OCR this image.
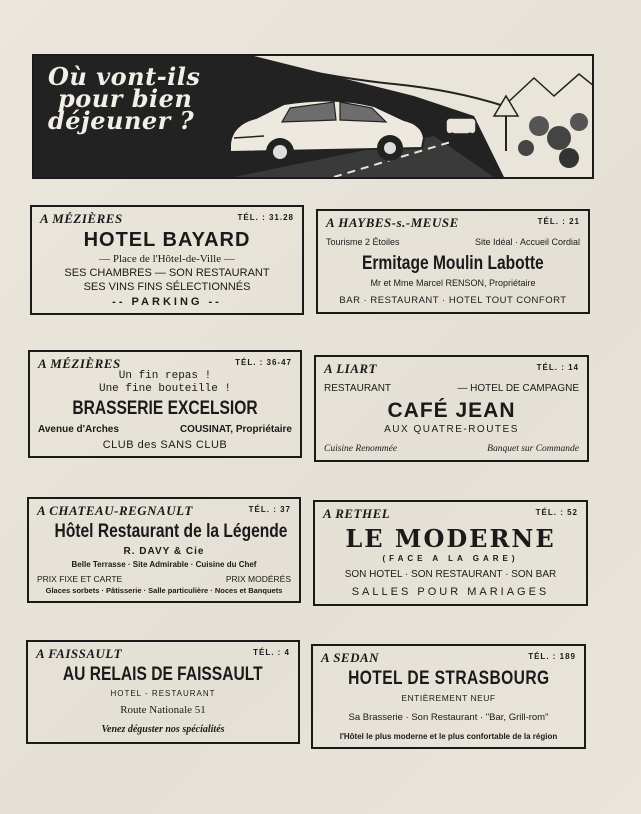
Où vont-ils
pour bien
déjeuner ?
A MÉZIÈRES	TÉL. : 31.28
HOTEL BAYARD
— Place de l'Hôtel-de-Ville —
SES CHAMBRES — SON RESTAURANT
SES VINS FINS SÉLECTIONNÉS
-- PARKING --
A HAYBES-s.-MEUSE	TÉL. : 21
Tourisme 2 Étoiles	Site Idéal · Accueil Cordial
Ermitage Moulin Labotte
Mr et Mme Marcel RENSON, Propriétaire
BAR · RESTAURANT · HOTEL TOUT CONFORT
A MÉZIÈRES	TÉL. : 36-47
Un fin repas !
Une fine bouteille !
BRASSERIE EXCELSIOR
Avenue d'Arches	COUSINAT, Propriétaire
CLUB des SANS CLUB
A LIART	TÉL. : 14
RESTAURANT	— HOTEL DE CAMPAGNE
CAFÉ JEAN
AUX QUATRE-ROUTES
Cuisine Renommée	Banquet sur Commande
A CHATEAU-REGNAULT	TÉL. : 37
Hôtel Restaurant de la Légende
R. DAVY & Cie
Belle Terrasse · Site Admirable · Cuisine du Chef
PRIX FIXE ET CARTE	PRIX MODÉRÉS
Glaces sorbets · Pâtisserie · Salle particulière · Noces et Banquets
A RETHEL	TÉL. : 52
LE MODERNE
(FACE A LA GARE)
SON HOTEL · SON RESTAURANT · SON BAR
SALLES POUR MARIAGES
A FAISSAULT	TÉL. : 4
AU RELAIS DE FAISSAULT
HOTEL - RESTAURANT
Route Nationale 51
Venez déguster nos spécialités
A SEDAN	TÉL. : 189
HOTEL DE STRASBOURG
ENTIÈREMENT NEUF
Sa Brasserie · Son Restaurant · "Bar, Grill-rom"
l'Hôtel le plus moderne et le plus confortable de la région
